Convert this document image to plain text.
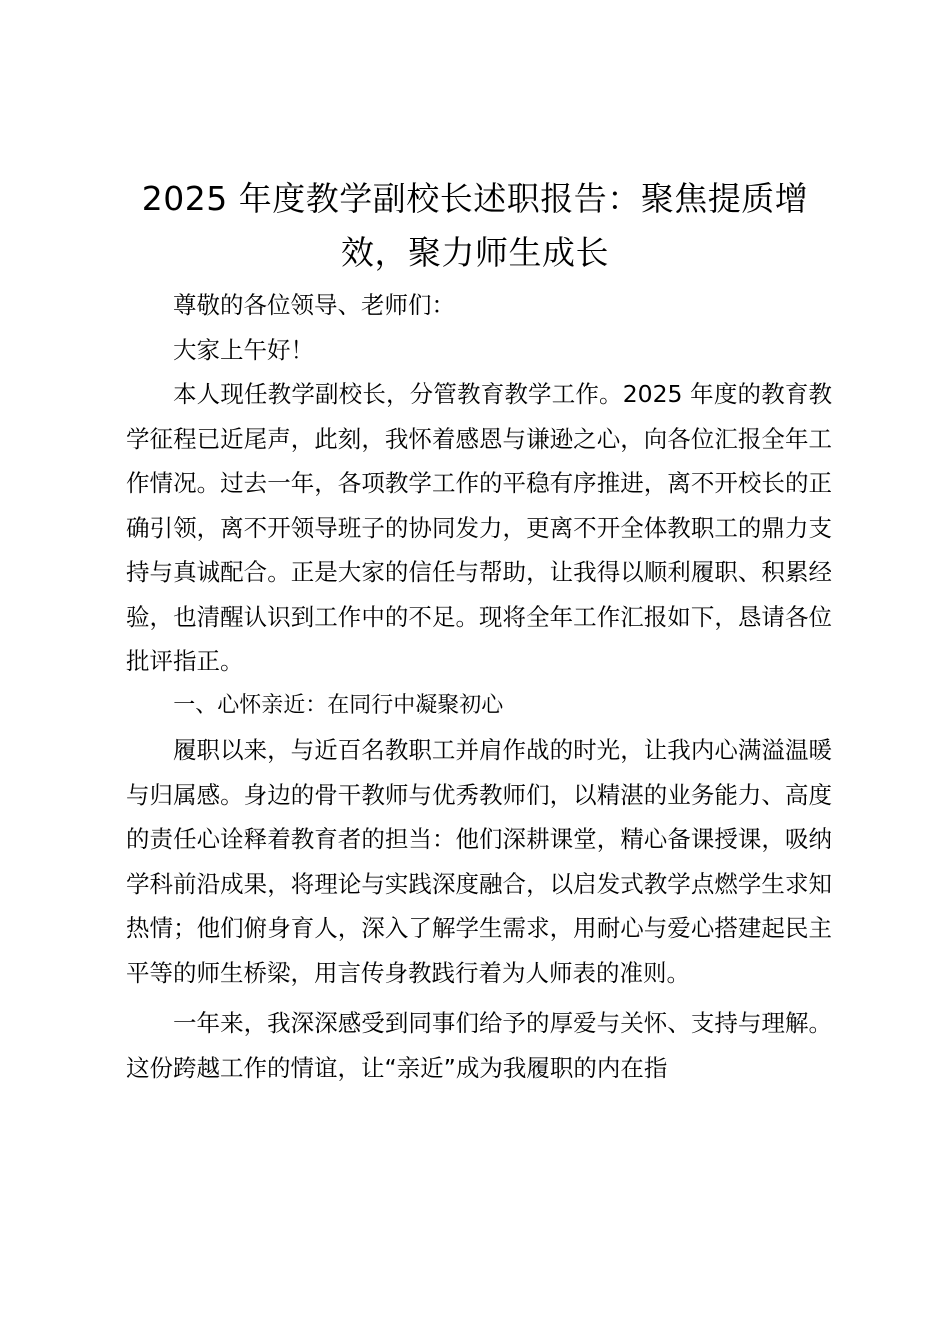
2025 年度教学副校长述职报告：聚焦提质增效，聚力师生成长

尊敬的各位领导、老师们：

大家上午好！

本人现任教学副校长，分管教育教学工作。2025 年度的教育教学征程已近尾声，此刻，我怀着感恩与谦逊之心，向各位汇报全年工作情况。过去一年，各项教学工作的平稳有序推进，离不开校长的正确引领，离不开领导班子的协同发力，更离不开全体教职工的鼎力支持与真诚配合。正是大家的信任与帮助，让我得以顺利履职、积累经验，也清醒认识到工作中的不足。现将全年工作汇报如下，恳请各位批评指正。

一、心怀亲近：在同行中凝聚初心

履职以来，与近百名教职工并肩作战的时光，让我内心满溢温暖与归属感。身边的骨干教师与优秀教师们，以精湛的业务能力、高度的责任心诠释着教育者的担当：他们深耕课堂，精心备课授课，吸纳学科前沿成果，将理论与实践深度融合，以启发式教学点燃学生求知热情；他们俯身育人，深入了解学生需求，用耐心与爱心搭建起民主平等的师生桥梁，用言传身教践行着为人师表的准则。

一年来，我深深感受到同事们给予的厚爱与关怀、支持与理解。这份跨越工作的情谊，让“亲近”成为我履职的内在指
